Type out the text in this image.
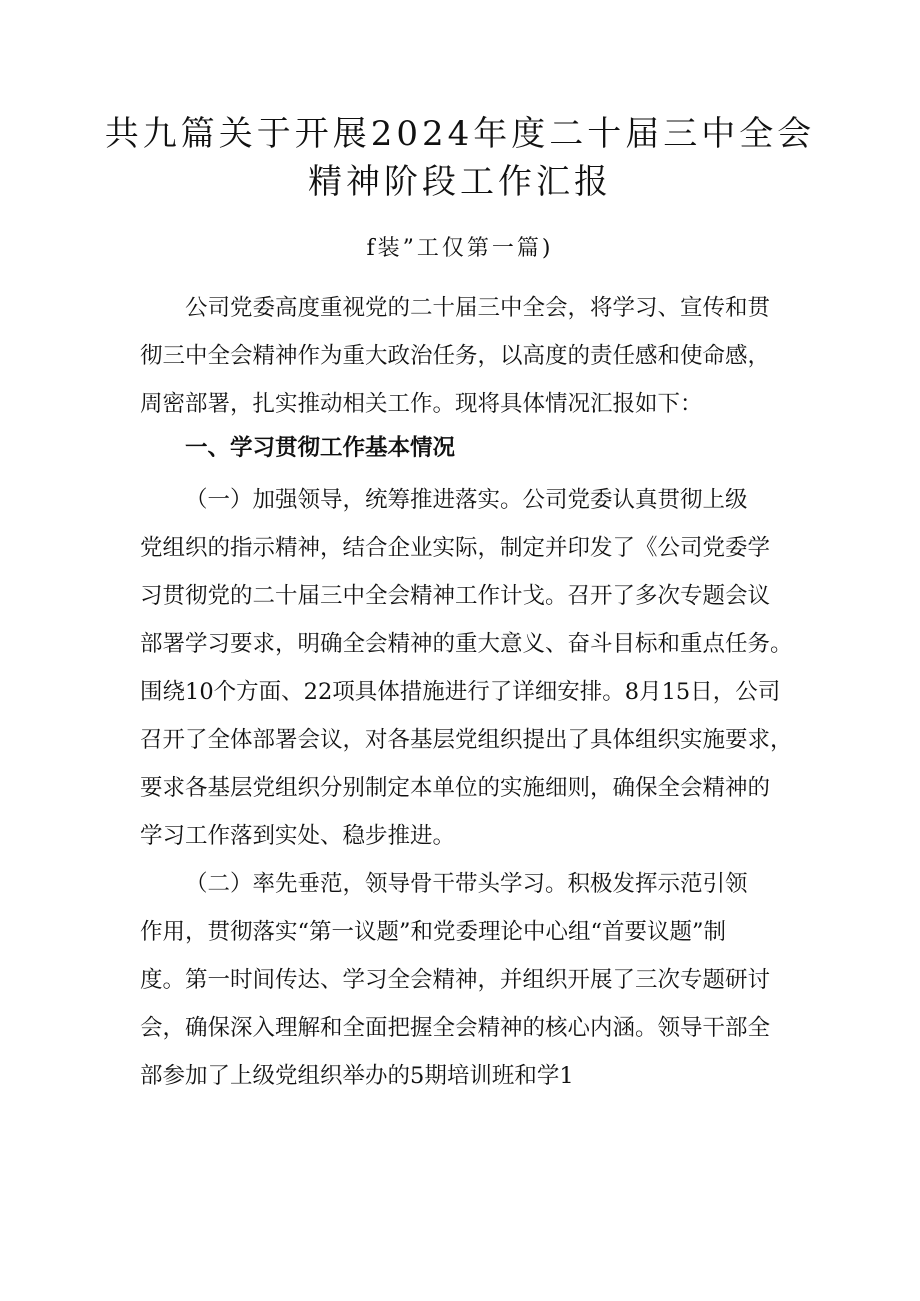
共九篇关于开展2024年度二十届三中全会
精神阶段工作汇报
f装”工仅第一篇)
公司党委高度重视党的二十届三中全会，将学习、宣传和贯
彻三中全会精神作为重大政治任务，以高度的责任感和使命感，
周密部署，扎实推动相关工作。现将具体情况汇报如下：
一、学习贯彻工作基本情况
（一）加强领导，统筹推进落实。公司党委认真贯彻上级
党组织的指示精神，结合企业实际，制定并印发了《公司党委学
习贯彻党的二十届三中全会精神工作计戈。召开了多次专题会议
部署学习要求，明确全会精神的重大意义、奋斗目标和重点任务。
围绕10个方面、22项具体措施进行了详细安排。8月15日，公司
召开了全体部署会议，对各基层党组织提出了具体组织实施要求，
要求各基层党组织分别制定本单位的实施细则，确保全会精神的
学习工作落到实处、稳步推进。
（二）率先垂范，领导骨干带头学习。积极发挥示范引领
作用，贯彻落实“第一议题”和党委理论中心组“首要议题”制
度。第一时间传达、学习全会精神，并组织开展了三次专题研讨
会，确保深入理解和全面把握全会精神的核心内涵。领导干部全
部参加了上级党组织举办的5期培训班和学1
